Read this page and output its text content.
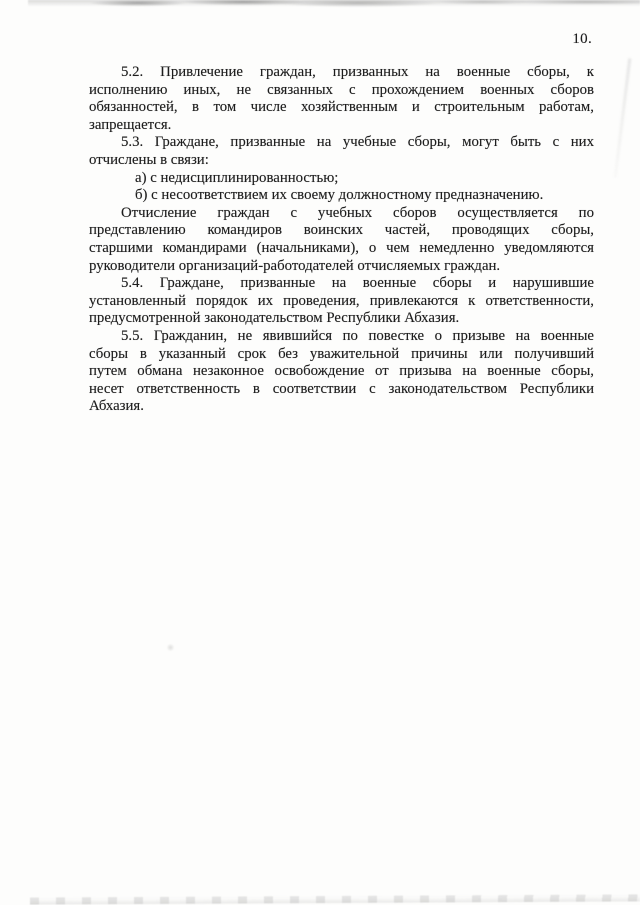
10.

5.2. Привлечение граждан, призванных на военные сборы, к
исполнению иных, не связанных с прохождением военных сборов
обязанностей, в том числе хозяйственным и строительным работам,
запрещается.

5.3. Граждане, призванные на учебные сборы, могут быть с них
отчислены в связи:

а) с недисциплинированностью;

б) с несоответствием их своему должностному предназначению.

Отчисление граждан с учебных сборов осуществляется по
представлению командиров воинских частей, проводящих сборы,
старшими командирами (начальниками), о чем немедленно уведомляются
руководители организаций-работодателей отчисляемых граждан.

5.4. Граждане, призванные на военные сборы и нарушившие
установленный порядок их проведения, привлекаются к ответственности,
предусмотренной законодательством Республики Абхазия.

5.5. Гражданин, не явившийся по повестке о призыве на военные
сборы в указанный срок без уважительной причины или получивший
путем обмана незаконное освобождение от призыва на военные сборы,
несет ответственность в соответствии с законодательством Республики
Абхазия.
